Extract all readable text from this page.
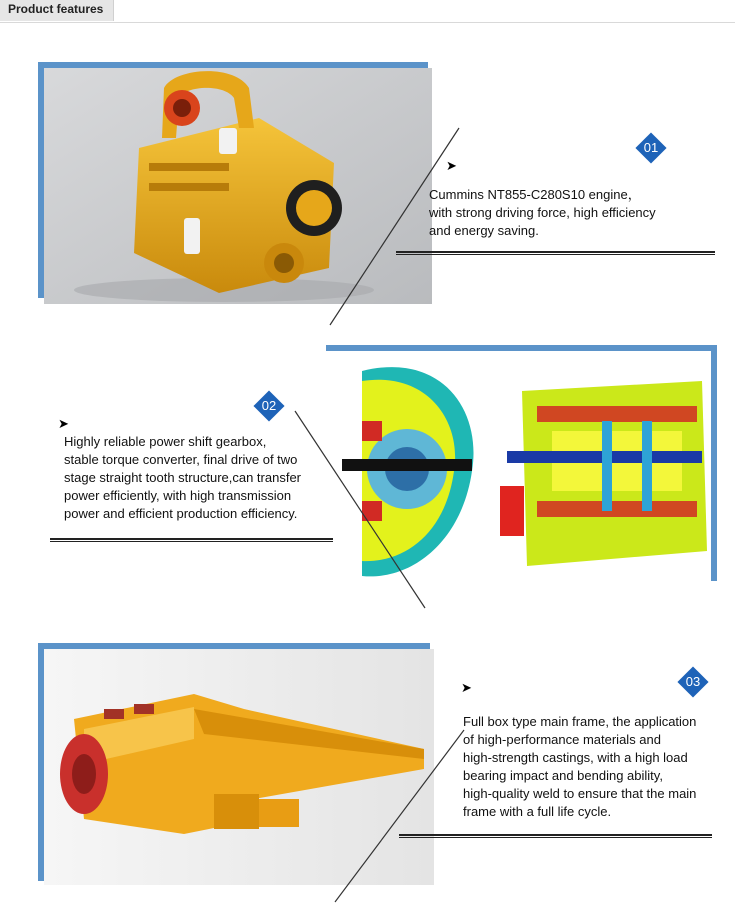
Product features
01
➤
Cummins NT855-C280S10 engine，
with strong driving force, high efficiency
and energy saving.
02
➤
Highly reliable power shift gearbox,
stable torque converter, final drive of two
stage straight tooth structure,can transfer
power efficiently, with high transmission
power and efficient production efficiency.
03
➤
Full box type main frame, the application
of high-performance materials and
high-strength castings, with a high load
bearing impact and bending ability,
high-quality weld to ensure that the main
frame with a full life cycle.
